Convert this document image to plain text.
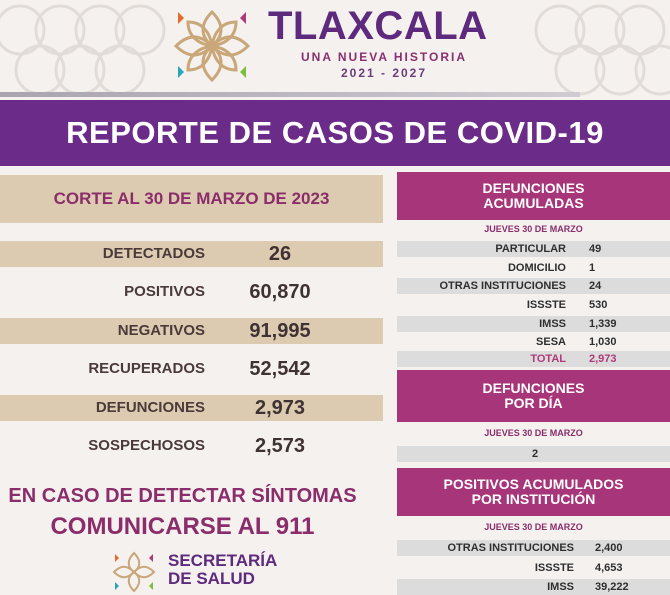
TLAXCALA
UNA NUEVA HISTORIA
2021 - 2027
REPORTE DE CASOS DE COVID-19
CORTE AL 30 DE MARZO DE 2023
DETECTADOS	26
POSITIVOS	60,870
NEGATIVOS	91,995
RECUPERADOS	52,542
DEFUNCIONES	2,973
SOSPECHOSOS	2,573
EN CASO DE DETECTAR SÍNTOMAS
COMUNICARSE AL 911
SECRETARÍA
DE SALUD
DEFUNCIONES
ACUMULADAS
JUEVES 30 DE MARZO
PARTICULAR 49
DOMICILIO 1
OTRAS INSTITUCIONES 24
ISSSTE 530
IMSS 1,339
SESA 1,030
TOTAL 2,973
DEFUNCIONES
POR DÍA
JUEVES 30 DE MARZO
2
POSITIVOS ACUMULADOS
POR INSTITUCIÓN
JUEVES 30 DE MARZO
OTRAS INSTITUCIONES 2,400
ISSSTE 4,653
IMSS 39,222
